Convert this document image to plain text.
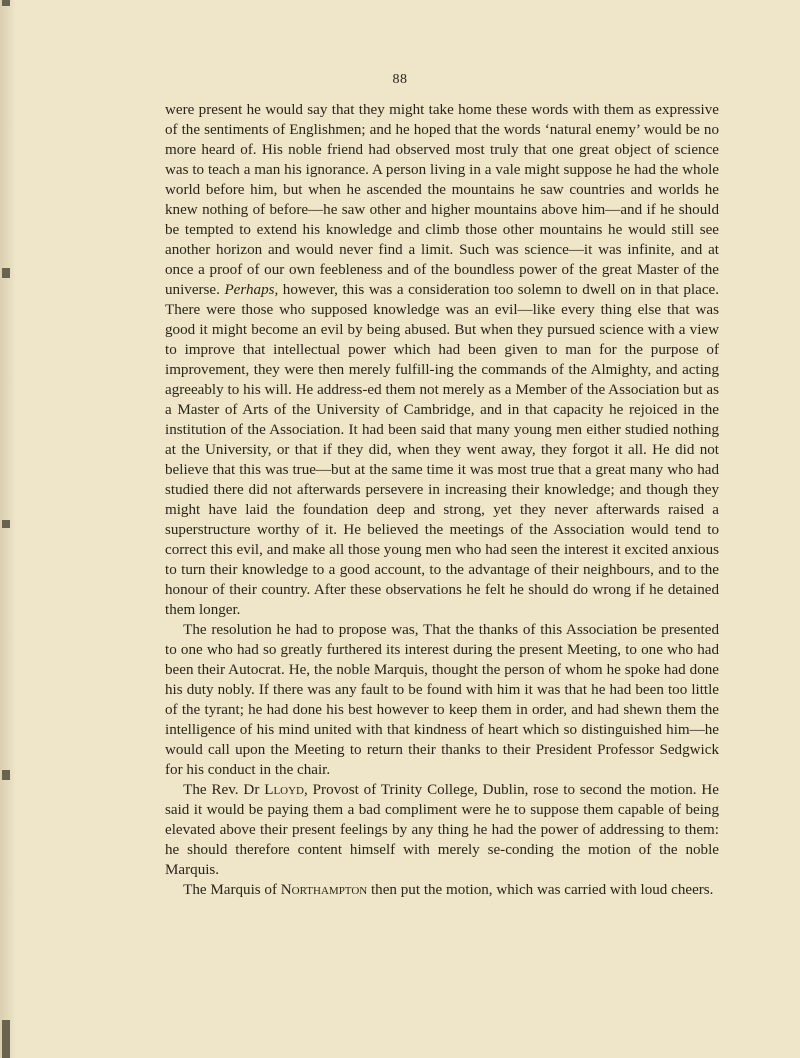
88

were present he would say that they might take home these words with them as expressive of the sentiments of Englishmen; and he hoped that the words ‘natural enemy’ would be no more heard of. His noble friend had observed most truly that one great object of science was to teach a man his ignorance. A person living in a vale might suppose he had the whole world before him, but when he ascended the mountains he saw countries and worlds he knew nothing of before—he saw other and higher mountains above him—and if he should be tempted to extend his knowledge and climb those other mountains he would still see another horizon and would never find a limit. Such was science—it was infinite, and at once a proof of our own feebleness and of the boundless power of the great Master of the universe. Perhaps, however, this was a consideration too solemn to dwell on in that place. There were those who supposed knowledge was an evil—like every thing else that was good it might become an evil by being abused. But when they pursued science with a view to improve that intellectual power which had been given to man for the purpose of improvement, they were then merely fulfill-ing the commands of the Almighty, and acting agreeably to his will. He address-ed them not merely as a Member of the Association but as a Master of Arts of the University of Cambridge, and in that capacity he rejoiced in the institution of the Association. It had been said that many young men either studied nothing at the University, or that if they did, when they went away, they forgot it all. He did not believe that this was true—but at the same time it was most true that a great many who had studied there did not afterwards persevere in increasing their knowledge; and though they might have laid the foundation deep and strong, yet they never afterwards raised a superstructure worthy of it. He believed the meetings of the Association would tend to correct this evil, and make all those young men who had seen the interest it excited anxious to turn their knowledge to a good account, to the advantage of their neighbours, and to the honour of their country. After these observations he felt he should do wrong if he detained them longer.

The resolution he had to propose was, That the thanks of this Association be presented to one who had so greatly furthered its interest during the present Meeting, to one who had been their Autocrat. He, the noble Marquis, thought the person of whom he spoke had done his duty nobly. If there was any fault to be found with him it was that he had been too little of the tyrant; he had done his best however to keep them in order, and had shewn them the intelligence of his mind united with that kindness of heart which so distinguished him—he would call upon the Meeting to return their thanks to their President Professor Sedgwick for his conduct in the chair.

The Rev. Dr Lloyd, Provost of Trinity College, Dublin, rose to second the motion. He said it would be paying them a bad compliment were he to suppose them capable of being elevated above their present feelings by any thing he had the power of addressing to them: he should therefore content himself with merely se-conding the motion of the noble Marquis.

The Marquis of Northampton then put the motion, which was carried with loud cheers.
